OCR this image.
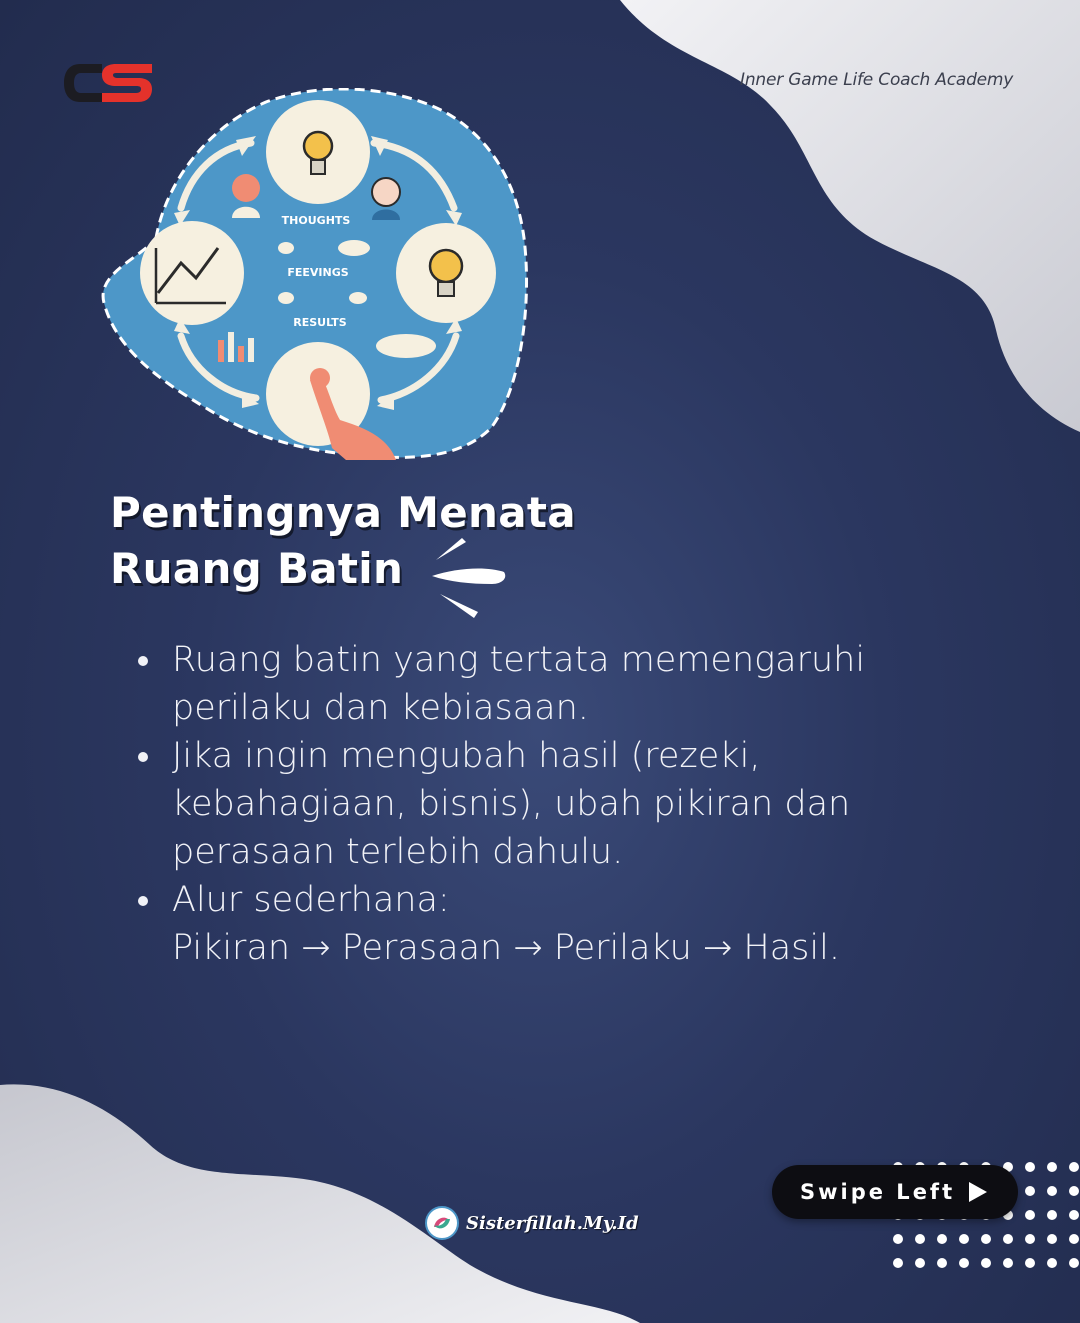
Inner Game Life Coach Academy
THOUGHTS
FEEVINGS
RESULTS
Pentingnya Menata
Ruang Batin
Ruang batin yang tertata memengaruhi
perilaku dan kebiasaan.
Jika ingin mengubah hasil (rezeki,
kebahagiaan, bisnis), ubah pikiran dan
perasaan terlebih dahulu.
Alur sederhana:
Pikiran → Perasaan → Perilaku → Hasil.
Swipe Left
Sisterfillah.My.Id
